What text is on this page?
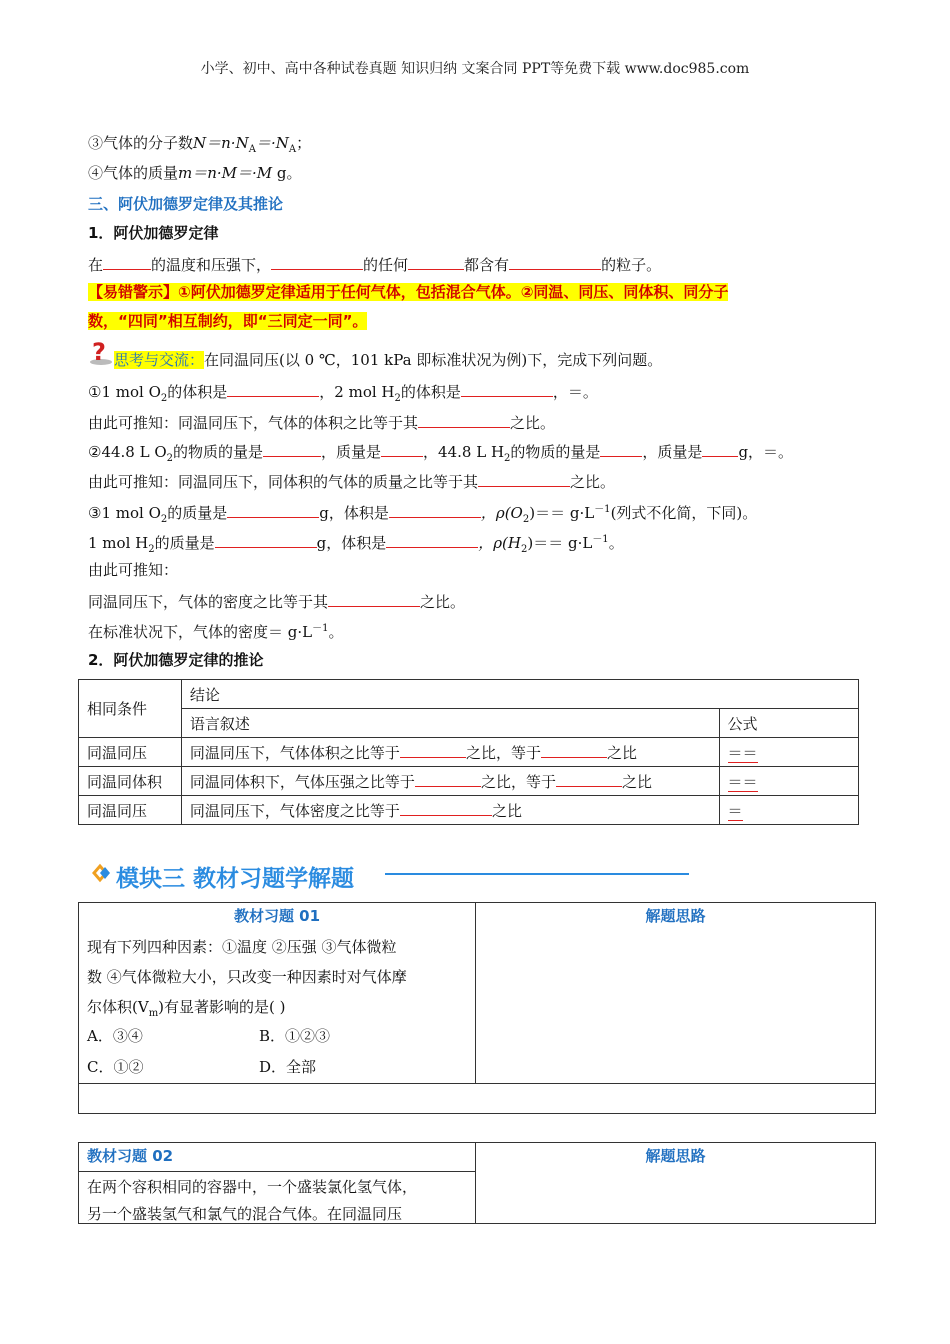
小学、初中、高中各种试卷真题 知识归纳 文案合同 PPT等免费下载 www.doc985.com
③气体的分子数$N=n\cdot N_A=\cdot N_A$；
④气体的质量m＝n·M＝·M g。
三、阿伏加德罗定律及其推论
1．阿伏加德罗定律
在	的温度和压强下，	的任何	都含有	的粒子。
【易错警示】①阿伏加德罗定律适用于任何气体，包括混合气体。②同温、同压、同体积、同分子
数，“四同”相互制约，即“三同定一同”。
? 思考与交流：在同温同压(以 0 ℃，101 kPa 即标准状况为例)下，完成下列问题。
①1 mol $O_2$的体积是	，2 mol $H_2$的体积是	，＝。
由此可推知：同温同压下，气体的体积之比等于其	之比。
②44.8 L $O_2$的物质的量是	，质量是	，44.8 L $H_2$的物质的量是	，质量是 g，＝。
由此可推知：同温同压下，同体积的气体的质量之比等于其	之比。
③1 mol $O_2$的质量是	g，体积是	，$\rho(O_2)== g\cdot L^{-1}$(列式不化简，下同)。
1 mol $H_2$的质量是	g，体积是	，$\rho(H_2)== g\cdot L^{-1}$。
由此可推知：
同温同压下，气体的密度之比等于其	之比。
在标准状况下，气体的密度＝ $g\cdot L^{-1}$。
2．阿伏加德罗定律的推论
相同条件	结论	
	语言叙述	公式
同温同压	同温同压下，气体体积之比等于 之比，等于 之比	＝＝
同温同体积	同温同体积下，气体压强之比等于 之比，等于 之比	＝＝
同温同压	同温同压下，气体密度之比等于 之比	＝
模块三 教材习题学解题
教材习题 01	解题思路
现有下列四种因素：①温度 ②压强 ③气体微粒
数 ④气体微粒大小，只改变一种因素时对气体摩
尔体积$(V_m)$有显著影响的是( )
A．③④	B．①②③
C．①②	D．全部
教材习题 02	解题思路
在两个容积相同的容器中，一个盛装氯化氢气体，
另一个盛装氢气和氯气的混合气体。在同温同压
